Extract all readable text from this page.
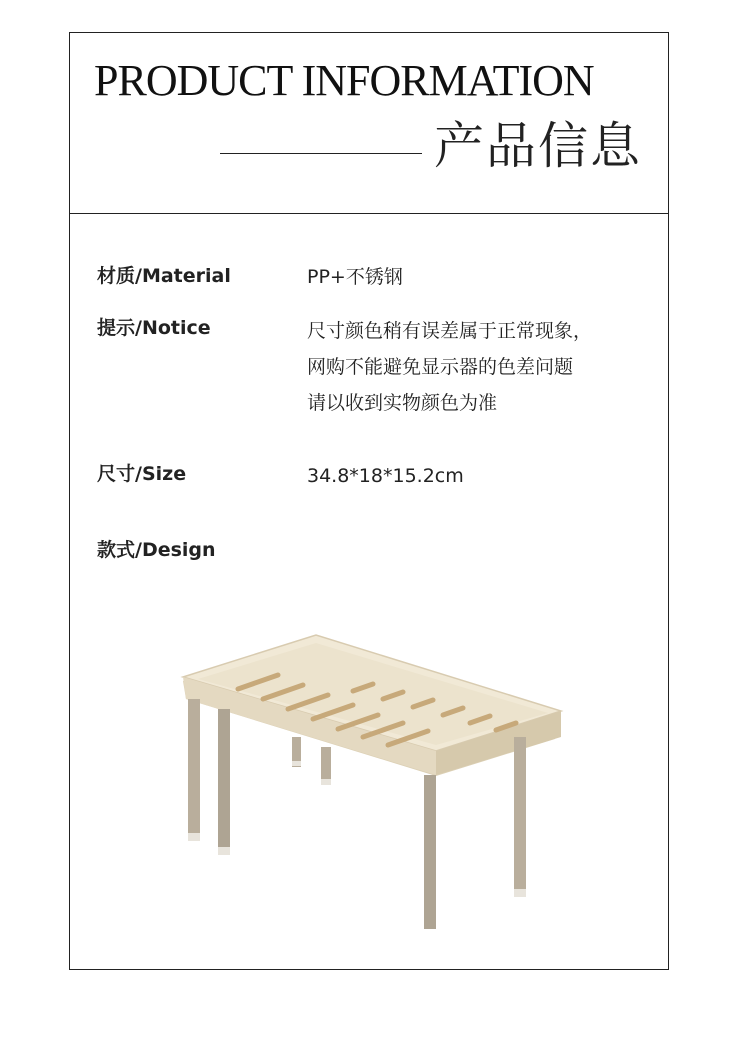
PRODUCT INFORMATION
产品信息
材质/Material	PP+不锈钢
提示/Notice	尺寸颜色稍有误差属于正常现象，

网购不能避免显示器的色差问题

请以收到实物颜色为准

尺寸/Size	34.8*18*15.2cm
款式/Design
